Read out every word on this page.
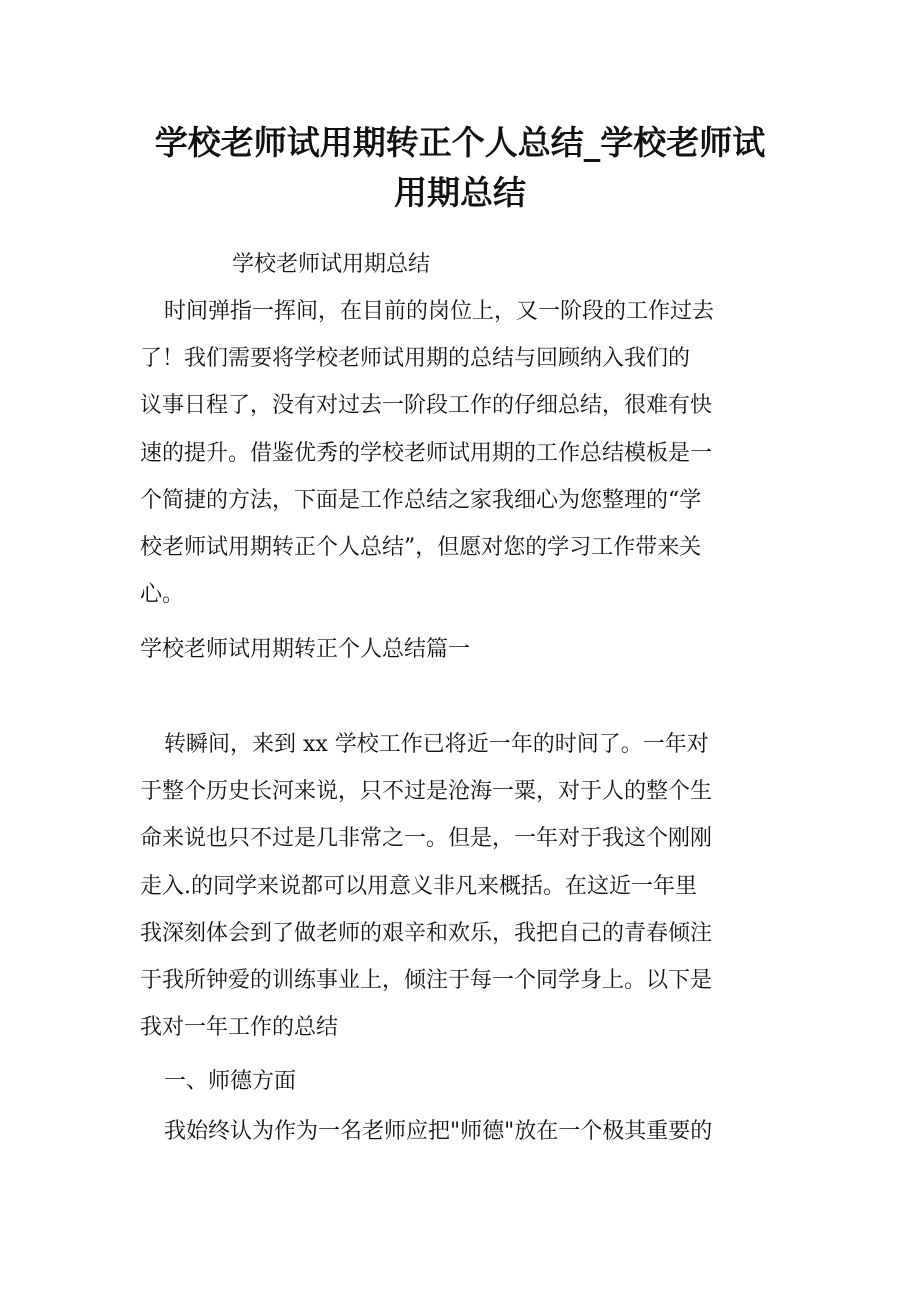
学校老师试用期转正个人总结_学校老师试
用期总结

学校老师试用期总结

时间弹指一挥间，在目前的岗位上，又一阶段的工作过去
了！我们需要将学校老师试用期的总结与回顾纳入我们的
议事日程了，没有对过去一阶段工作的仔细总结，很难有快
速的提升。借鉴优秀的学校老师试用期的工作总结模板是一
个简捷的方法，下面是工作总结之家我细心为您整理的“学
校老师试用期转正个人总结”，但愿对您的学习工作带来关
心。

学校老师试用期转正个人总结篇一

转瞬间，来到 xx 学校工作已将近一年的时间了。一年对
于整个历史长河来说，只不过是沧海一粟，对于人的整个生
命来说也只不过是几非常之一。但是，一年对于我这个刚刚
走入.的同学来说都可以用意义非凡来概括。在这近一年里
我深刻体会到了做老师的艰辛和欢乐，我把自己的青春倾注
于我所钟爱的训练事业上，倾注于每一个同学身上。以下是
我对一年工作的总结

一、师德方面

我始终认为作为一名老师应把"师德"放在一个极其重要的
